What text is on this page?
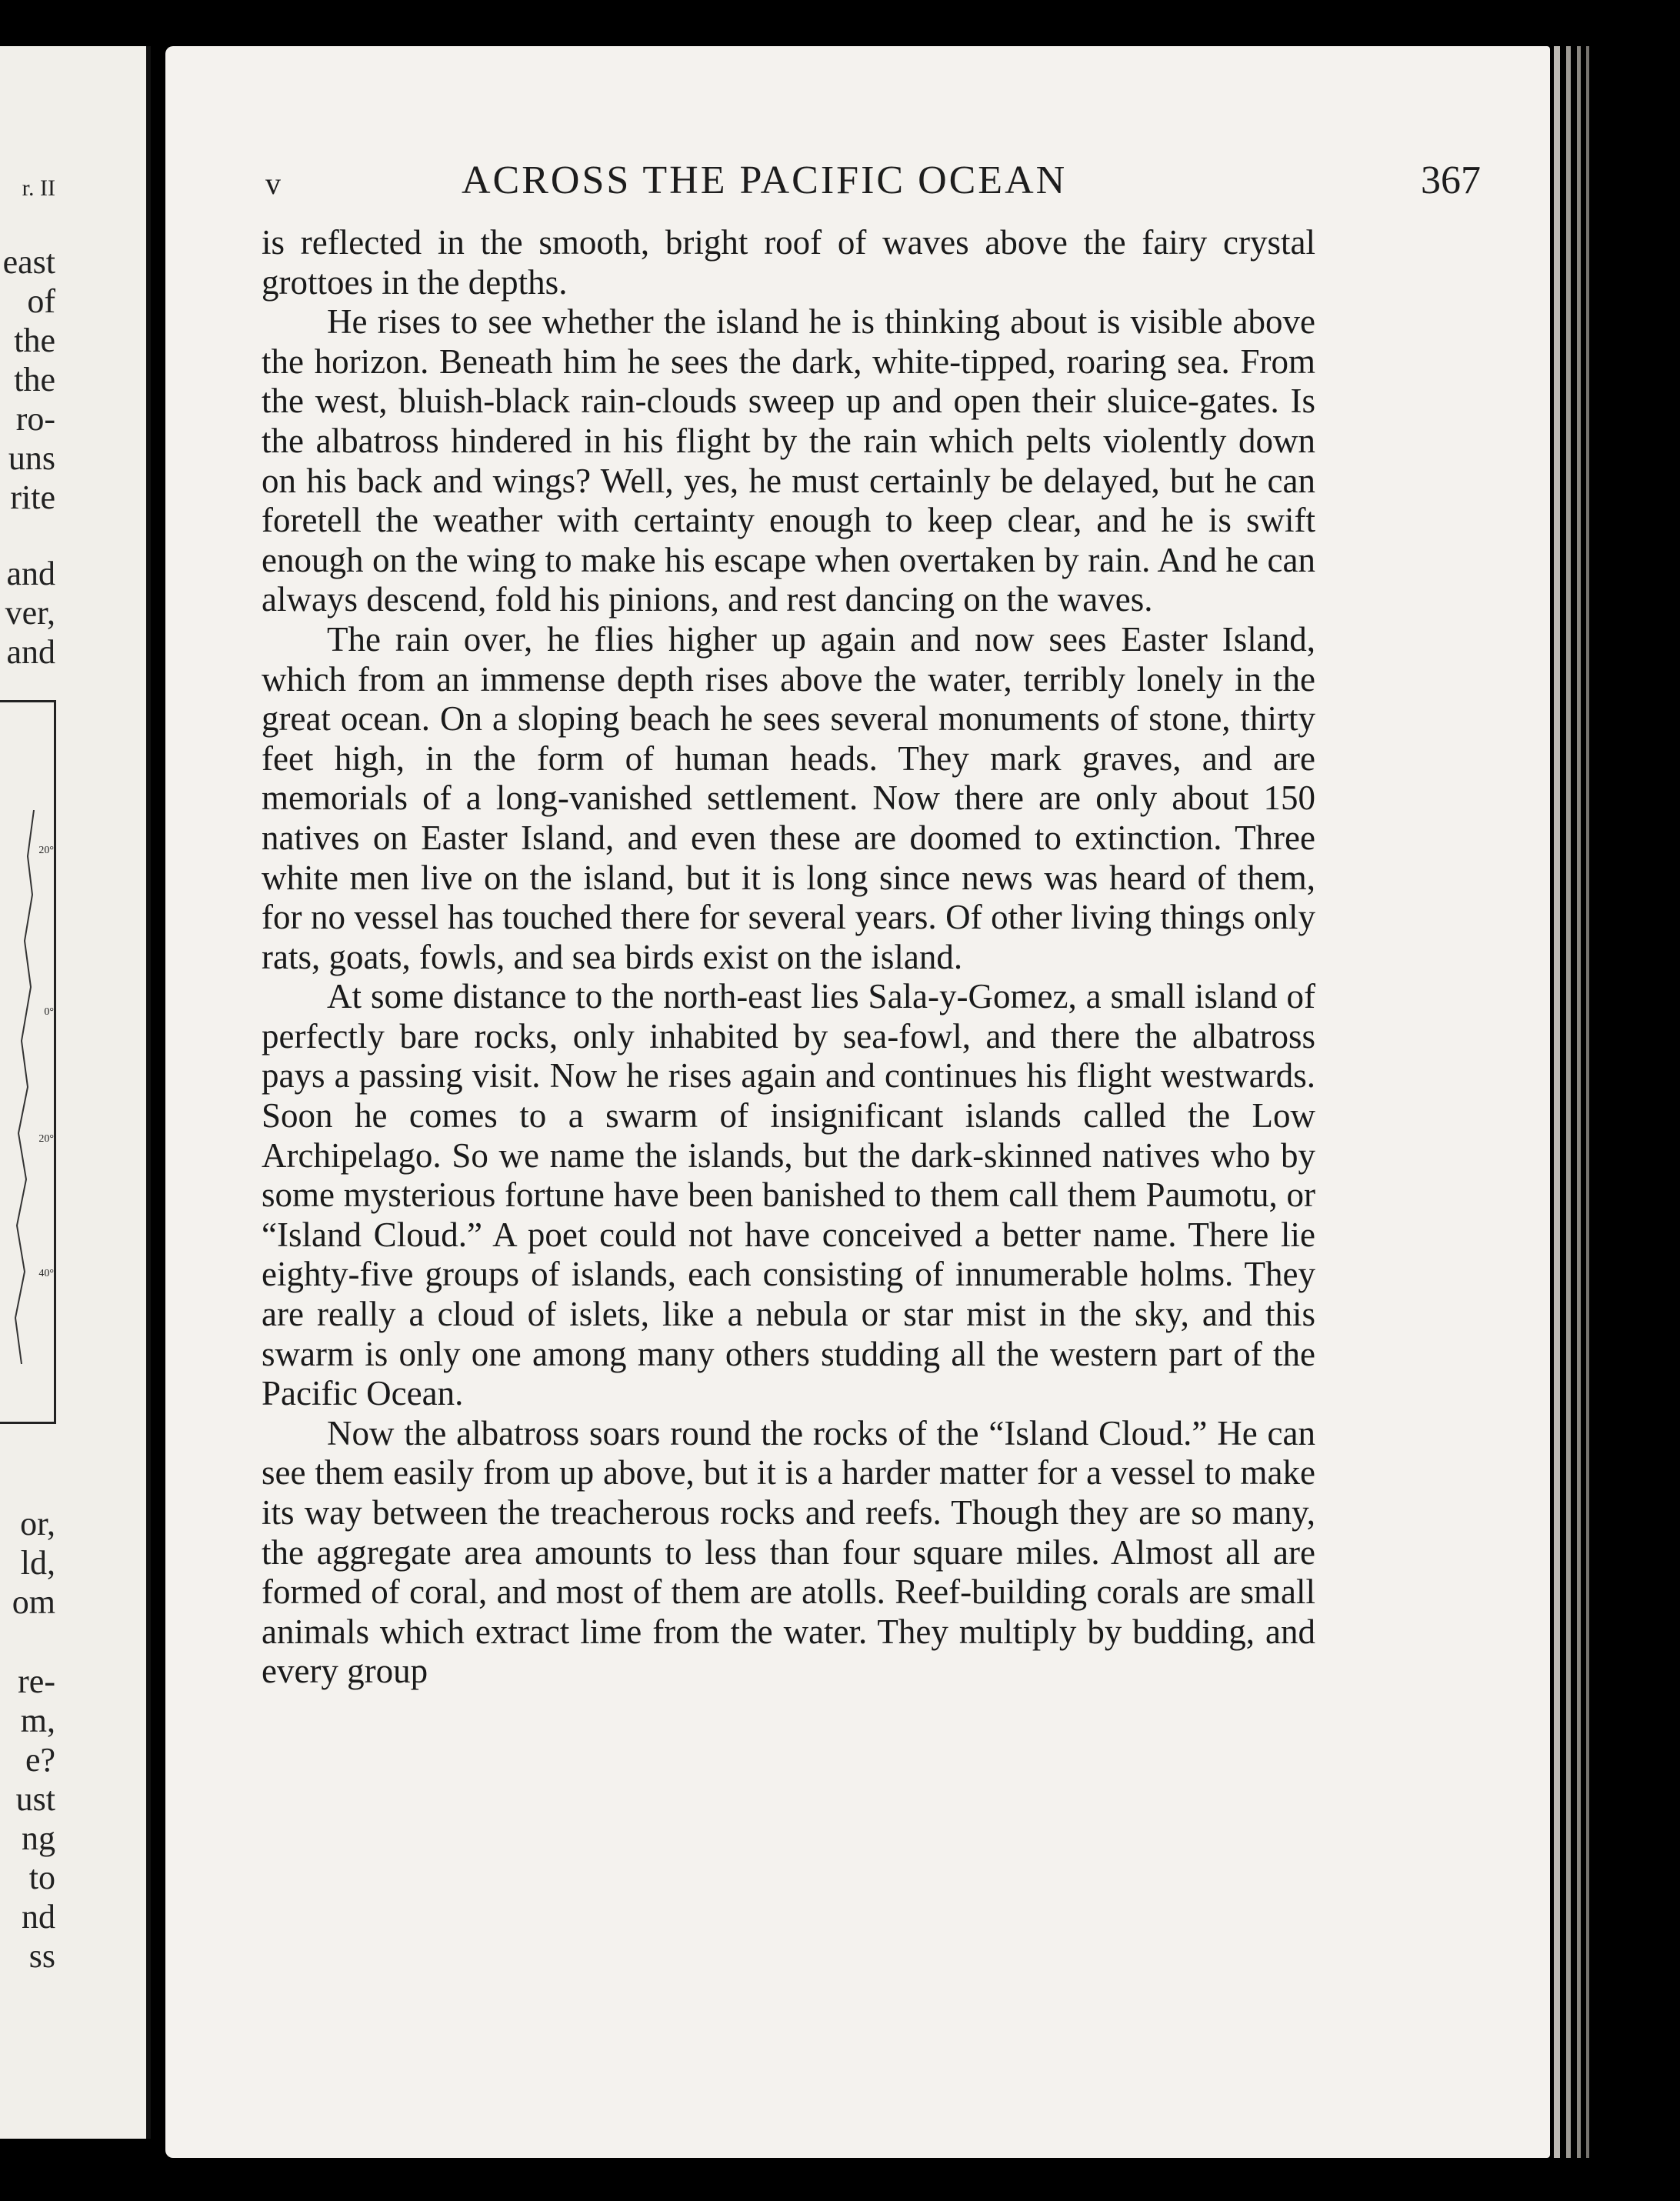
r. II
east
of
the
the
ro-
uns
rite
and
ver,
and
20°
0°
20°
40°
or,
ld,
om
re-
m,
e?
ust
ng
to
nd
ss
v	ACROSS THE PACIFIC OCEAN	367

is reflected in the smooth, bright roof of waves above the fairy crystal grottoes in the depths.

He rises to see whether the island he is thinking about is visible above the horizon. Beneath him he sees the dark, white-tipped, roaring sea. From the west, bluish-black rain-clouds sweep up and open their sluice-gates. Is the albatross hindered in his flight by the rain which pelts violently down on his back and wings? Well, yes, he must certainly be delayed, but he can foretell the weather with certainty enough to keep clear, and he is swift enough on the wing to make his escape when overtaken by rain. And he can always descend, fold his pinions, and rest dancing on the waves.

The rain over, he flies higher up again and now sees Easter Island, which from an immense depth rises above the water, terribly lonely in the great ocean. On a sloping beach he sees several monuments of stone, thirty feet high, in the form of human heads. They mark graves, and are memorials of a long-vanished settlement. Now there are only about 150 natives on Easter Island, and even these are doomed to extinction. Three white men live on the island, but it is long since news was heard of them, for no vessel has touched there for several years. Of other living things only rats, goats, fowls, and sea birds exist on the island.

At some distance to the north-east lies Sala-y-Gomez, a small island of perfectly bare rocks, only inhabited by sea-fowl, and there the albatross pays a passing visit. Now he rises again and continues his flight westwards. Soon he comes to a swarm of insignificant islands called the Low Archipelago. So we name the islands, but the dark-skinned natives who by some mysterious fortune have been banished to them call them Paumotu, or “Island Cloud.” A poet could not have conceived a better name. There lie eighty-five groups of islands, each consisting of innumerable holms. They are really a cloud of islets, like a nebula or star mist in the sky, and this swarm is only one among many others studding all the western part of the Pacific Ocean.

Now the albatross soars round the rocks of the “Island Cloud.” He can see them easily from up above, but it is a harder matter for a vessel to make its way between the treacherous rocks and reefs. Though they are so many, the aggregate area amounts to less than four square miles. Almost all are formed of coral, and most of them are atolls. Reef-building corals are small animals which extract lime from the water. They multiply by budding, and every group
